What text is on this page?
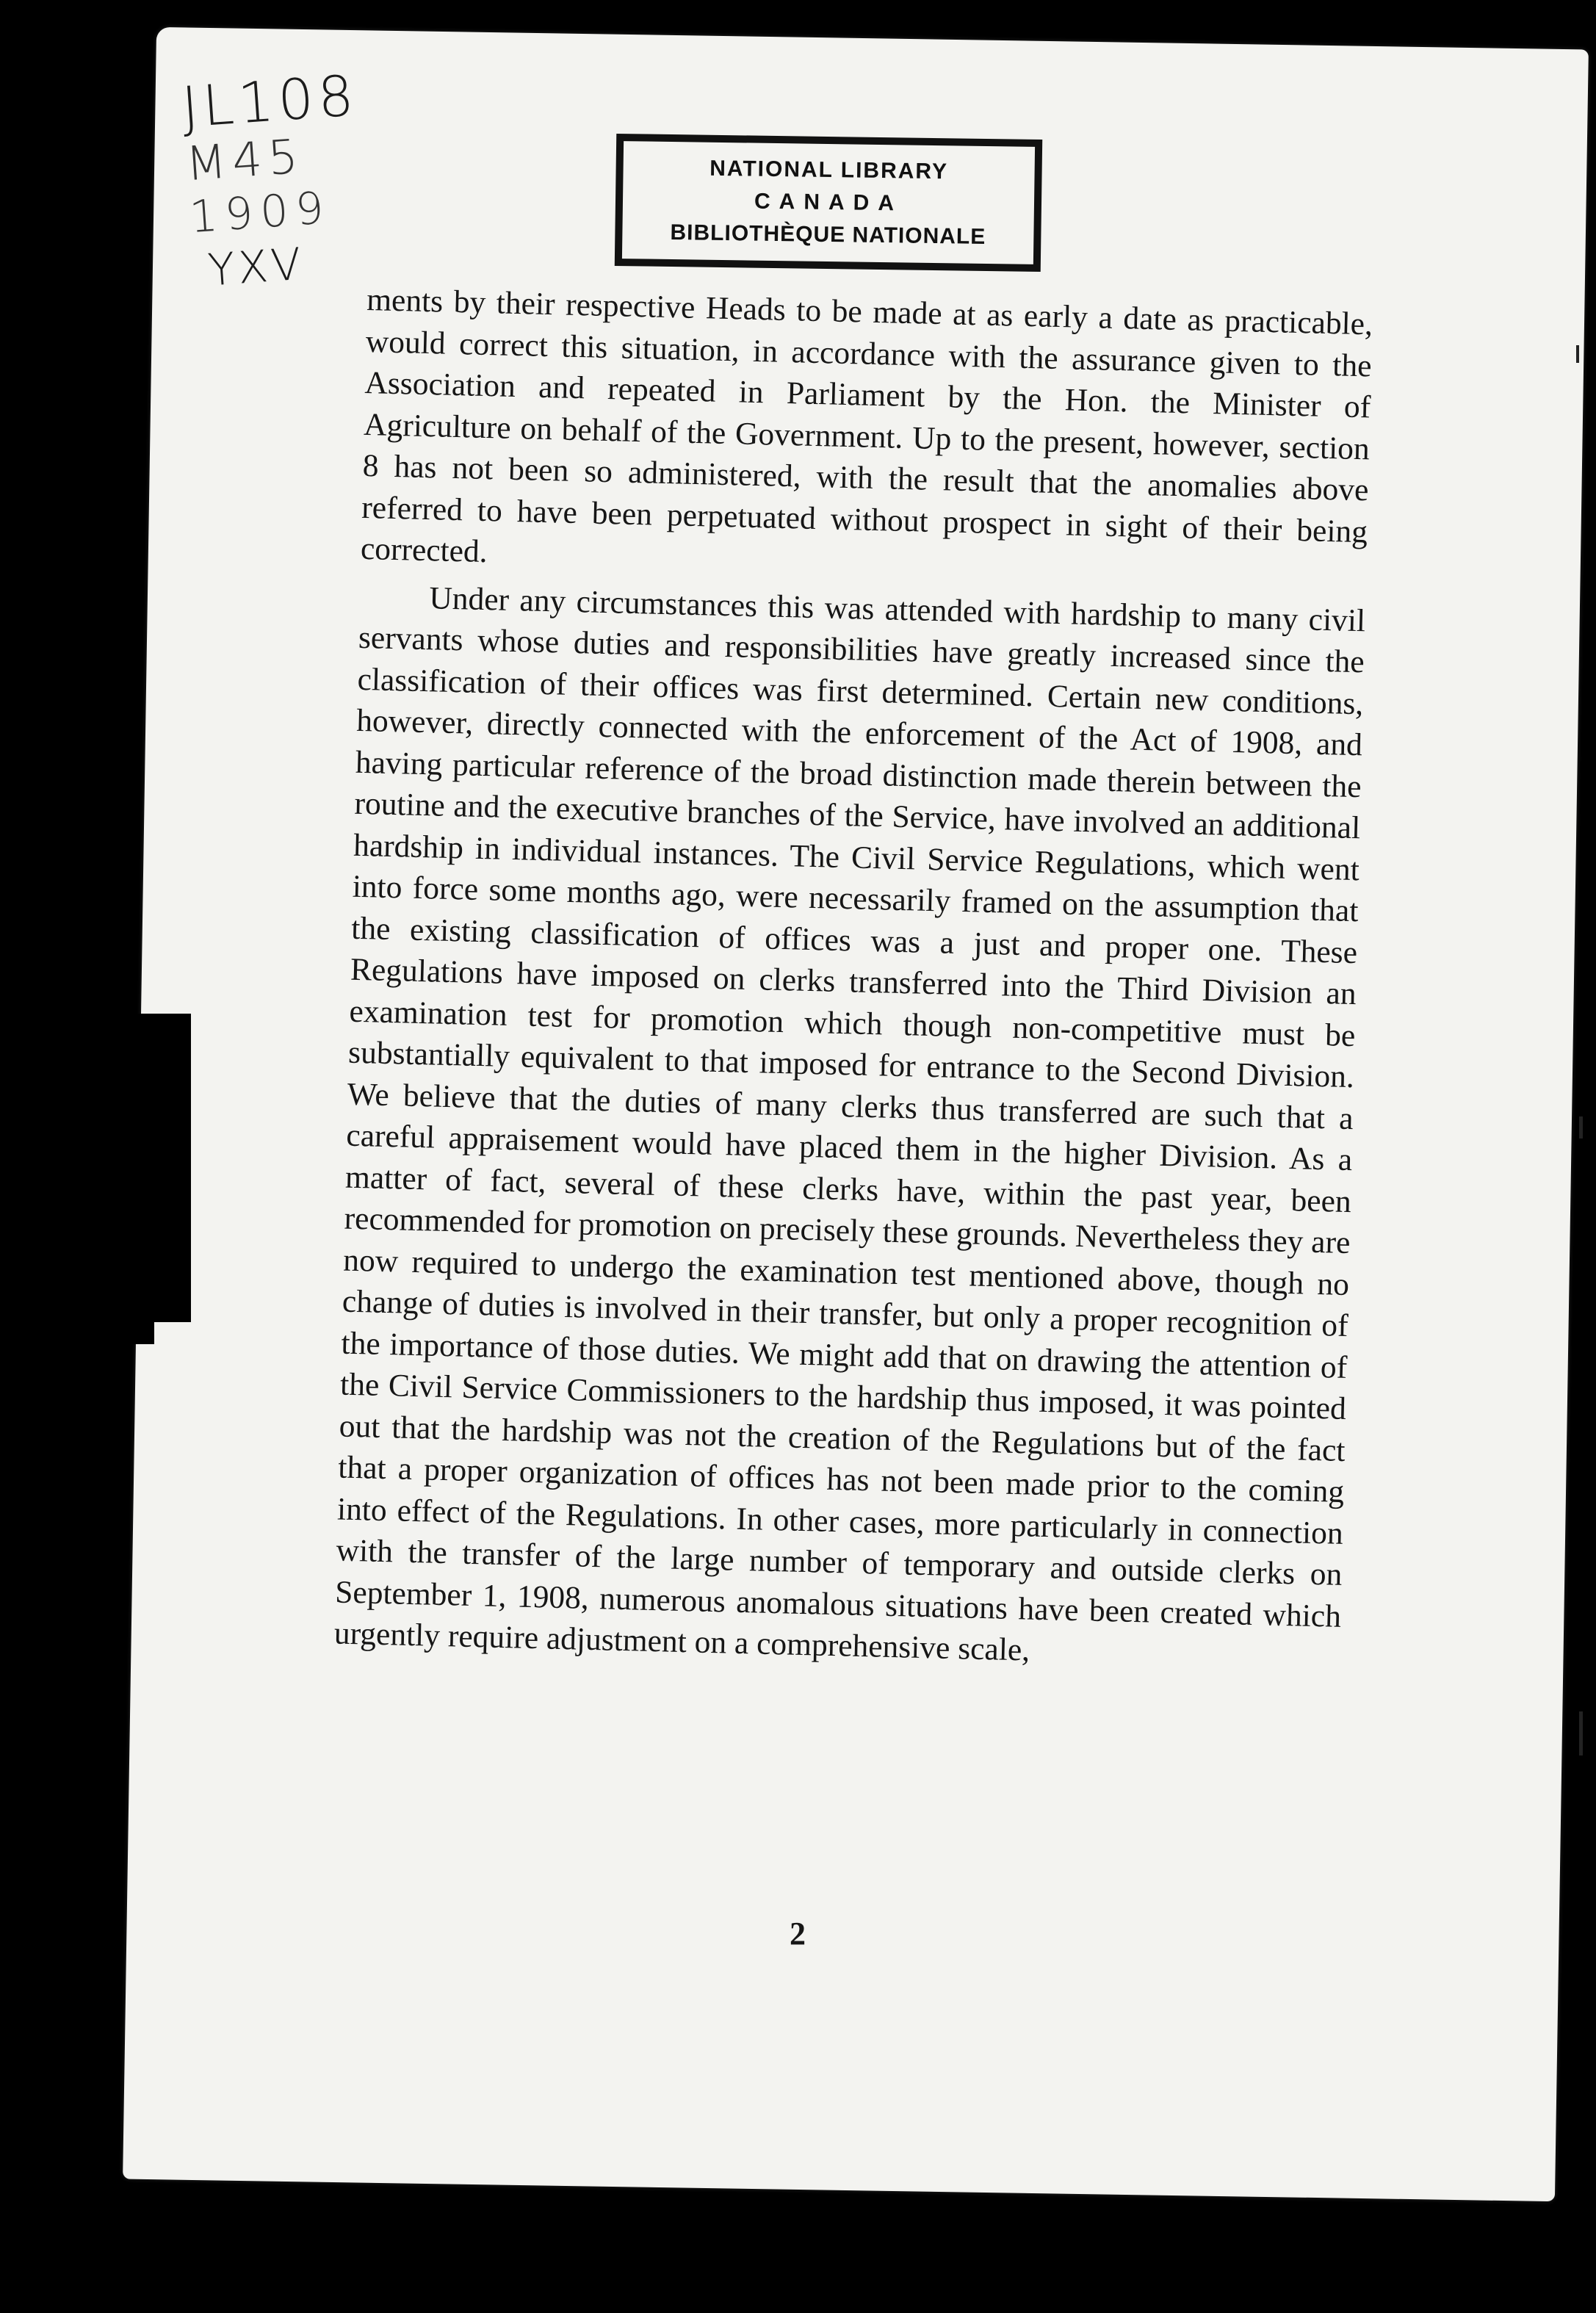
JL108
M45
1909
YXV
NATIONAL LIBRARY
CANADA
BIBLIOTHÈQUE NATIONALE

ments by their respective Heads to be made at as early a date as practicable, would correct this situation, in accordance with the assurance given to the Association and repeated in Parliament by the Hon. the Minister of Agriculture on behalf of the Government. Up to the present, however, section 8 has not been so administered, with the result that the anomalies above referred to have been perpetuated without prospect in sight of their being corrected.

Under any circumstances this was attended with hardship to many civil servants whose duties and responsibilities have greatly increased since the classification of their offices was first determined. Certain new conditions, however, directly connected with the enforcement of the Act of 1908, and having particular reference of the broad distinction made therein between the routine and the executive branches of the Service, have involved an additional hardship in individual instances. The Civil Service Regulations, which went into force some months ago, were necessarily framed on the assumption that the existing classification of offices was a just and proper one. These Regulations have imposed on clerks transferred into the Third Division an examination test for promotion which though non-competitive must be substantially equivalent to that imposed for entrance to the Second Division. We believe that the duties of many clerks thus transferred are such that a careful appraisement would have placed them in the higher Division. As a matter of fact, several of these clerks have, within the past year, been recommended for promotion on precisely these grounds. Nevertheless they are now required to undergo the examination test mentioned above, though no change of duties is involved in their transfer, but only a proper recognition of the importance of those duties. We might add that on drawing the attention of the Civil Service Commissioners to the hardship thus imposed, it was pointed out that the hardship was not the creation of the Regulations but of the fact that a proper organization of offices has not been made prior to the coming into effect of the Regulations. In other cases, more particularly in connection with the transfer of the large number of temporary and outside clerks on September 1, 1908, numerous anomalous situations have been created which urgently require adjustment on a comprehensive scale,

2
